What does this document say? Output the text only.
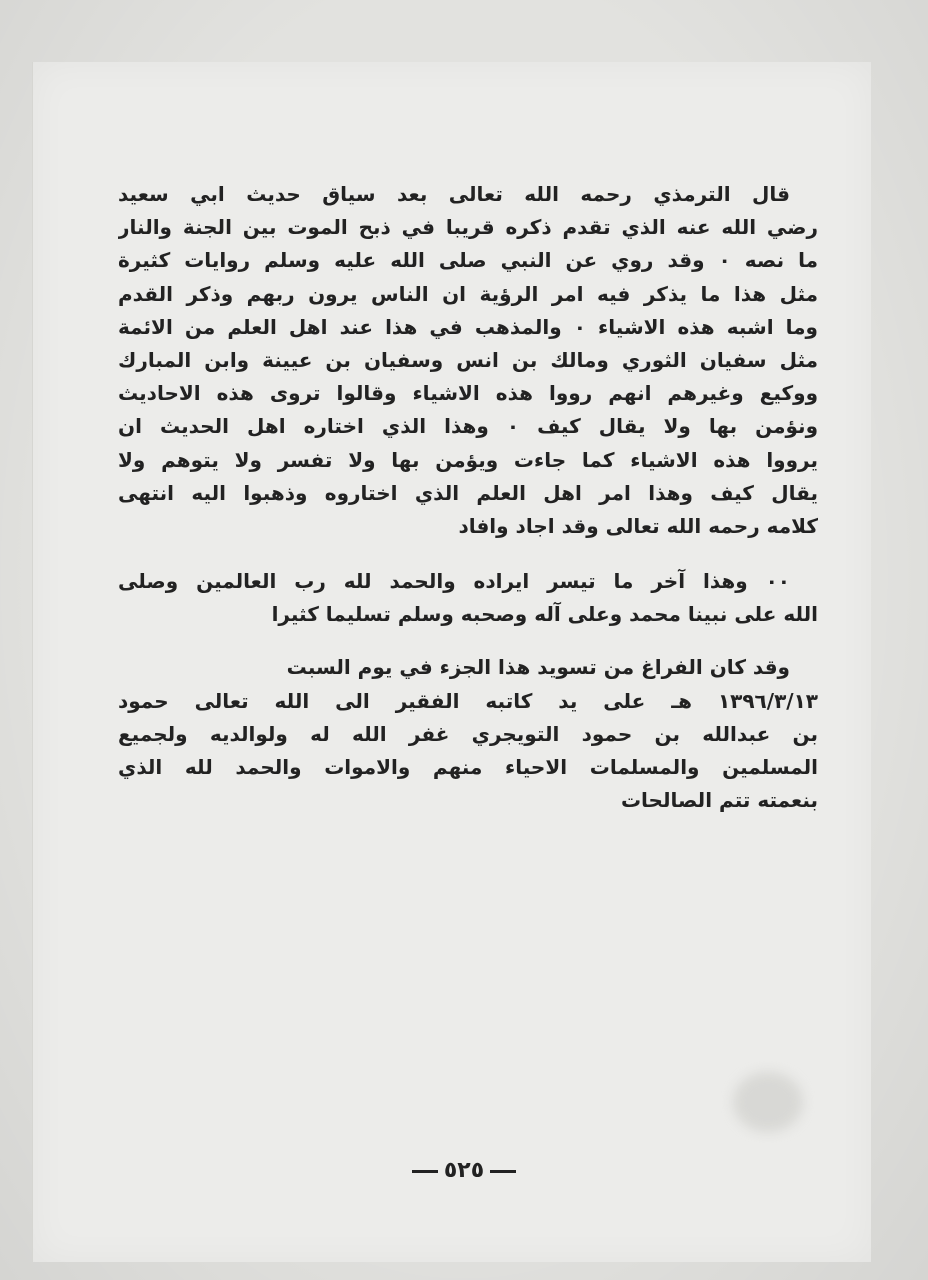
قال الترمذي رحمه الله تعالى بعد سياق حديث ابي سعيد
رضي الله عنه الذي تقدم ذكره قريبا في ذبح الموت بين الجنة والنار
ما نصه ٠ وقد روي عن النبي صلى الله عليه وسلم روايات كثيرة
مثل هذا ما يذكر فيه امر الرؤية ان الناس يرون ربهم وذكر القدم
وما اشبه هذه الاشياء ٠ والمذهب في هذا عند اهل العلم من الائمة
مثل سفيان الثوري ومالك بن انس وسفيان بن عيينة وابن المبارك
ووكيع وغيرهم انهم رووا هذه الاشياء وقالوا تروى هذه الاحاديث
ونؤمن بها ولا يقال كيف ٠ وهذا الذي اختاره اهل الحديث ان
يرووا هذه الاشياء كما جاءت ويؤمن بها ولا تفسر ولا يتوهم ولا
يقال كيف وهذا امر اهل العلم الذي اختاروه وذهبوا اليه انتهى
كلامه رحمه الله تعالى وقد اجاد وافاد
٠٠ وهذا آخر ما تيسر ايراده والحمد لله رب العالمين وصلى
الله على نبينا محمد وعلى آله وصحبه وسلم تسليما كثيرا
وقد كان الفراغ من تسويد هذا الجزء في يوم السبت
١٣٩٦/٣/١٣ هـ على يد كاتبه الفقير الى الله تعالى حمود
بن عبدالله بن حمود التويجري غفر الله له ولوالديه ولجميع
المسلمين والمسلمات الاحياء منهم والاموات والحمد لله الذي
بنعمته تتم الصالحات
٥٢٥
